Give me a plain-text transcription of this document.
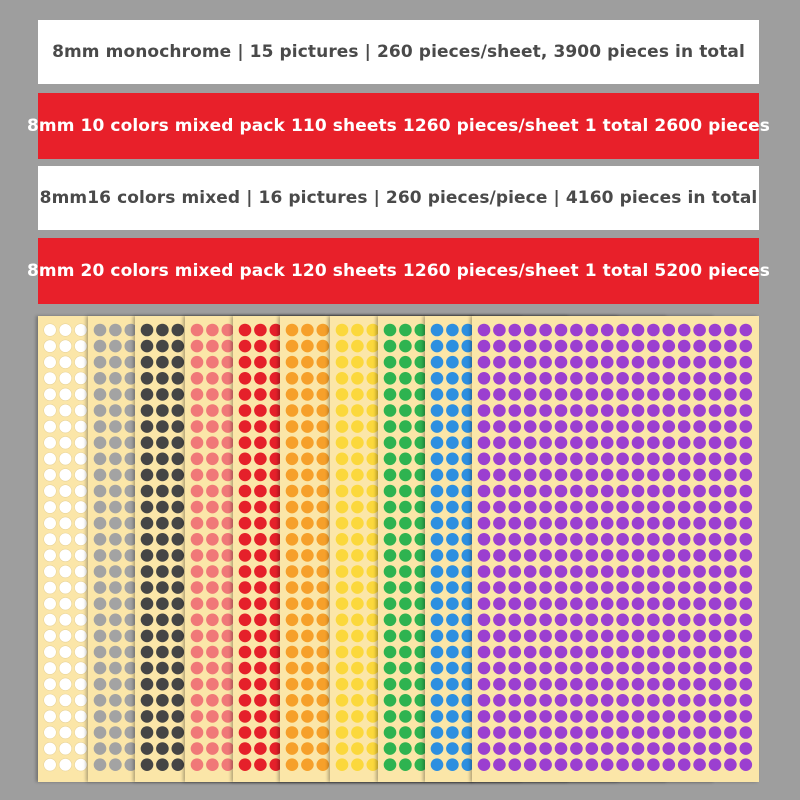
8mm monochrome | 15 pictures | 260 pieces/sheet, 3900 pieces in total
8mm 10 colors mixed pack 110 sheets 1260 pieces/sheet 1 total 2600 pieces
8mm16 colors mixed | 16 pictures | 260 pieces/piece | 4160 pieces in total
8mm 20 colors mixed pack 120 sheets 1260 pieces/sheet 1 total 5200 pieces
